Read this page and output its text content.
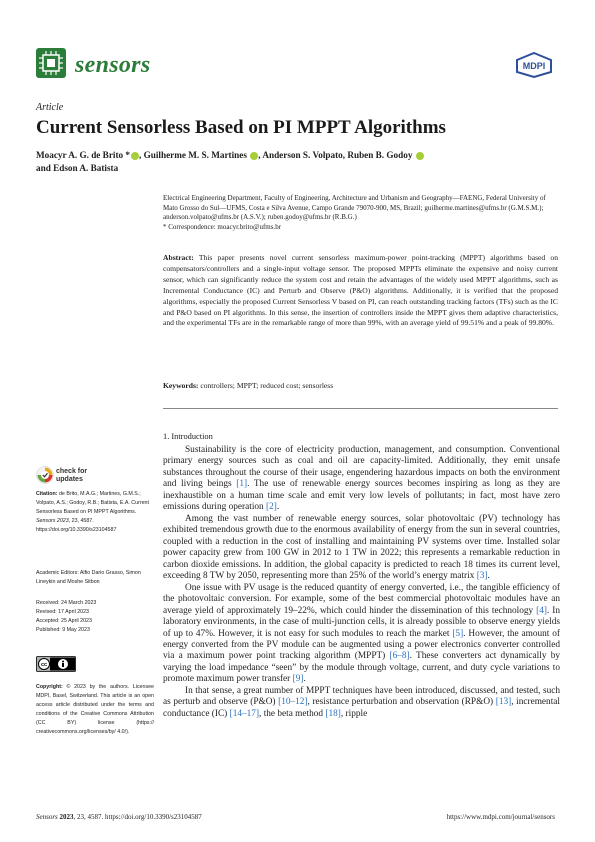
sensors	MDPI
Article
Current Sensorless Based on PI MPPT Algorithms
Moacyr A. G. de Brito * , Guilherme M. S. Martines , Anderson S. Volpato, Ruben B. Godoy
and Edson A. Batista

Electrical Engineering Department, Faculty of Engineering, Architecture and Urbanism and Geography—FAENG, Federal University of Mato Grosso do Sul—UFMS, Costa e Silva Avenue, Campo Grande 79070-900, MS, Brazil; guilherme.martines@ufms.br (G.M.S.M.); anderson.volpato@ufms.br (A.S.V.); ruben.godoy@ufms.br (R.B.G.)

* Correspondence: moacyr.brito@ufms.br

Abstract: This paper presents novel current sensorless maximum-power point-tracking (MPPT) algorithms based on compensators/controllers and a single-input voltage sensor. The proposed MPPTs eliminate the expensive and noisy current sensor, which can significantly reduce the system cost and retain the advantages of the widely used MPPT algorithms, such as Incremental Conductance (IC) and Perturb and Observe (P&O) algorithms. Additionally, it is verified that the proposed algorithms, especially the proposed Current Sensorless V based on PI, can reach outstanding tracking factors (TFs) such as the IC and P&O based on PI algorithms. In this sense, the insertion of controllers inside the MPPT gives them adaptive characteristics, and the experimental TFs are in the remarkable range of more than 99%, with an average yield of 99.51% and a peak of 99.80%.
Keywords: controllers; MPPT; reduced cost; sensorless
1. Introduction

Sustainability is the core of electricity production, management, and consumption. Conventional primary energy sources such as coal and oil are capacity-limited. Additionally, they emit unsafe substances throughout the course of their usage, engendering hazardous impacts on both the environment and living beings [1]. The use of renewable energy sources becomes inspiring as long as they are inexhaustible on a human time scale and emit very low levels of pollutants; in fact, most have zero emissions during operation [2].

Among the vast number of renewable energy sources, solar photovoltaic (PV) technology has exhibited tremendous growth due to the enormous availability of energy from the sun in several countries, coupled with a reduction in the cost of installing and maintaining PV systems over time. Installed solar power capacity grew from 100 GW in 2012 to 1 TW in 2022; this represents a remarkable reduction in carbon dioxide emissions. In addition, the global capacity is predicted to reach 18 times its current level, exceeding 8 TW by 2050, representing more than 25% of the world’s energy matrix [3].

One issue with PV usage is the reduced quantity of energy converted, i.e., the tangible efficiency of the photovoltaic conversion. For example, some of the best commercial photovoltaic modules have an average yield of approximately 19–22%, which could hinder the dissemination of this technology [4]. In laboratory environments, in the case of multi-junction cells, it is already possible to observe energy yields of up to 47%. However, it is not easy for such modules to reach the market [5]. However, the amount of energy converted from the PV module can be augmented using a power electronics converter controlled via a maximum power point tracking algorithm (MPPT) [6–8]. These converters act dynamically by varying the load impedance “seen” by the module through voltage, current, and duty cycle variations to promote maximum power transfer [9].

In that sense, a great number of MPPT techniques have been introduced, discussed, and tested, such as perturb and observe (P&O) [10–12], resistance perturbation and observation (RP&O) [13], incremental conductance (IC) [14–17], the beta method [18], ripple

check for
updates

Citation: de Brito, M.A.G.; Martines, G.M.S.; Volpato, A.S.; Godoy, R.B.; Batista, E.A. Current Sensorless Based on PI MPPT Algorithms. Sensors 2023, 23, 4587. https://doi.org/10.3390/s23104587

Academic Editors: Alfio Dario Grasso, Simon Lineykin and Moshe Sitbon

Received: 24 March 2023

Revised: 17 April 2023

Accepted: 25 April 2023

Published: 9 May 2023

cc

Copyright: © 2023 by the authors. Licensee MDPI, Basel, Switzerland. This article is an open access article distributed under the terms and conditions of the Creative Commons Attribution (CC BY) license (https:// creativecommons.org/licenses/by/ 4.0/).

Sensors 2023, 23, 4587. https://doi.org/10.3390/s23104587	https://www.mdpi.com/journal/sensors
